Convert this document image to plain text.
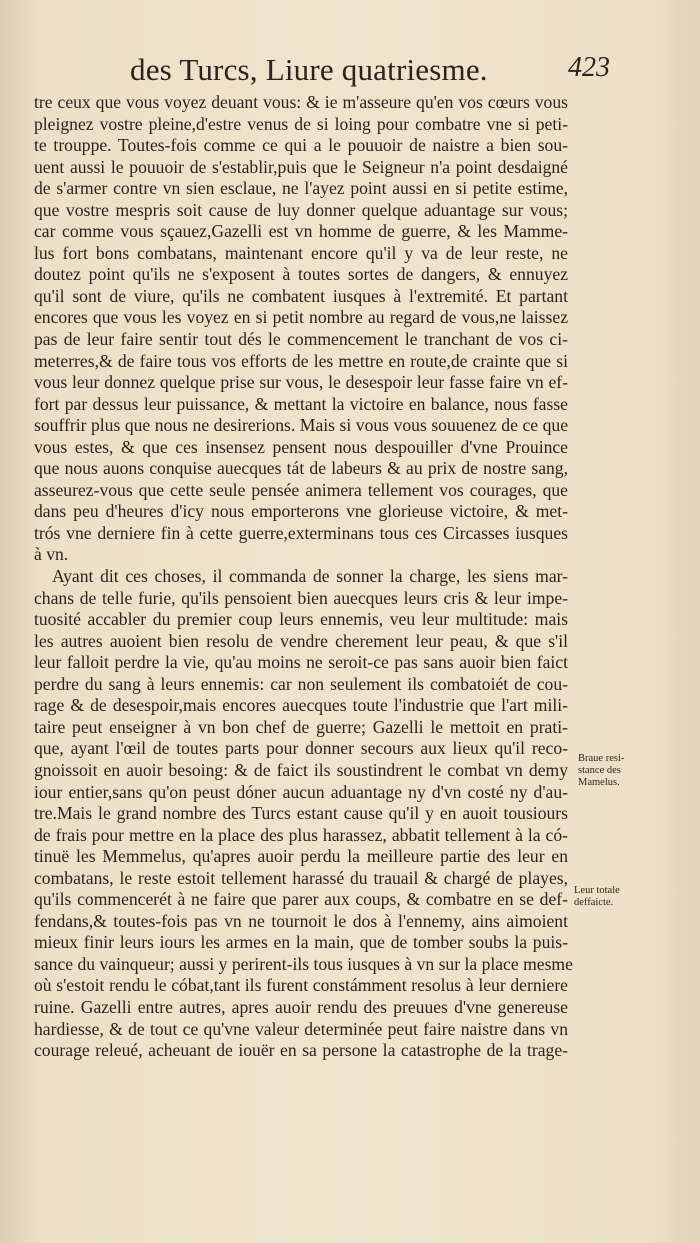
des Turcs, Liure quatriesme.	423
tre ceux que vous voyez deuant vous: & ie m'asseure qu'en vos cœurs vous
pleignez vostre pleine,d'estre venus de si loing pour combatre vne si peti-
te trouppe. Toutes-fois comme ce qui a le pouuoir de naistre a bien sou-
uent aussi le pouuoir de s'establir,puis que le Seigneur n'a point desdaigné
de s'armer contre vn sien esclaue, ne l'ayez point aussi en si petite estime,
que vostre mespris soit cause de luy donner quelque aduantage sur vous;
car comme vous sçauez,Gazelli est vn homme de guerre, & les Mamme-
lus fort bons combatans, maintenant encore qu'il y va de leur reste, ne
doutez point qu'ils ne s'exposent à toutes sortes de dangers, & ennuyez
qu'il sont de viure, qu'ils ne combatent iusques à l'extremité. Et partant
encores que vous les voyez en si petit nombre au regard de vous,ne laissez
pas de leur faire sentir tout dés le commencement le tranchant de vos ci-
meterres,& de faire tous vos efforts de les mettre en route,de crainte que si
vous leur donnez quelque prise sur vous, le desespoir leur fasse faire vn ef-
fort par dessus leur puissance, & mettant la victoire en balance, nous fasse
souffrir plus que nous ne desirerions. Mais si vous vous souuenez de ce que
vous estes, & que ces insensez pensent nous despouiller d'vne Prouince
que nous auons conquise auecques tát de labeurs & au prix de nostre sang,
asseurez-vous que cette seule pensée animera tellement vos courages, que
dans peu d'heures d'icy nous emporterons vne glorieuse victoire, & met-
trós vne derniere fin à cette guerre,exterminans tous ces Circasses iusques
à vn.
Ayant dit ces choses, il commanda de sonner la charge, les siens mar-
chans de telle furie, qu'ils pensoient bien auecques leurs cris & leur impe-
tuosité accabler du premier coup leurs ennemis, veu leur multitude: mais
les autres auoient bien resolu de vendre cherement leur peau, & que s'il
leur falloit perdre la vie, qu'au moins ne seroit-ce pas sans auoir bien faict
perdre du sang à leurs ennemis: car non seulement ils combatoiét de cou-
rage & de desespoir,mais encores auecques toute l'industrie que l'art mili-
taire peut enseigner à vn bon chef de guerre; Gazelli le mettoit en prati-
que, ayant l'œil de toutes parts pour donner secours aux lieux qu'il reco-
gnoissoit en auoir besoing: & de faict ils soustindrent le combat vn demy
iour entier,sans qu'on peust dóner aucun aduantage ny d'vn costé ny d'au-
tre.Mais le grand nombre des Turcs estant cause qu'il y en auoit tousiours
de frais pour mettre en la place des plus harassez, abbatit tellement à la có-
tinuë les Memmelus, qu'apres auoir perdu la meilleure partie des leur en
combatans, le reste estoit tellement harassé du trauail & chargé de playes,
qu'ils commencerét à ne faire que parer aux coups, & combatre en se def-
fendans,& toutes-fois pas vn ne tournoit le dos à l'ennemy, ains aimoient
mieux finir leurs iours les armes en la main, que de tomber soubs la puis-
sance du vainqueur; aussi y perirent-ils tous iusques à vn sur la place mesme
où s'estoit rendu le cóbat,tant ils furent constámment resolus à leur derniere
ruine. Gazelli entre autres, apres auoir rendu des preuues d'vne genereuse
hardiesse, & de tout ce qu'vne valeur determinée peut faire naistre dans vn
courage releué, acheuant de iouër en sa persone la catastrophe de la trage-
Braue resi-
stance des
Mamelus.
Leur totale
deffaicte.
